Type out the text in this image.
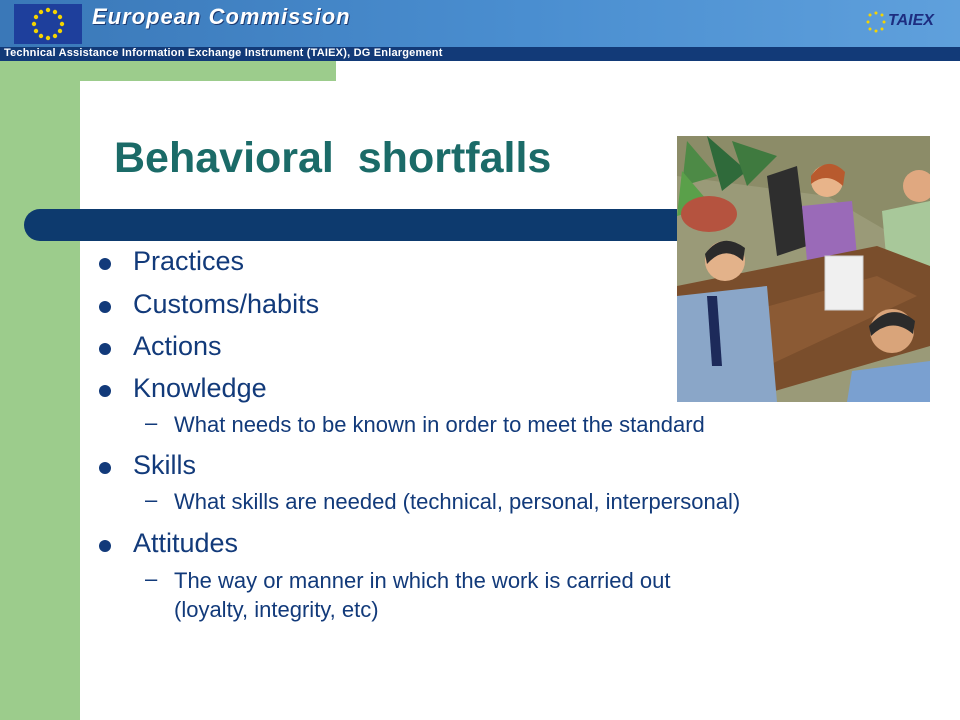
European Commission	TAIEX
Technical Assistance Information Exchange Instrument (TAIEX), DG Enlargement
Behavioral  shortfalls
Practices
Customs/habits
Actions
Knowledge
– What needs to be known in order to meet the standard
Skills
– What skills are needed (technical, personal, interpersonal)
Attitudes
– The way or manner in which the work is carried out
(loyalty, integrity, etc)
